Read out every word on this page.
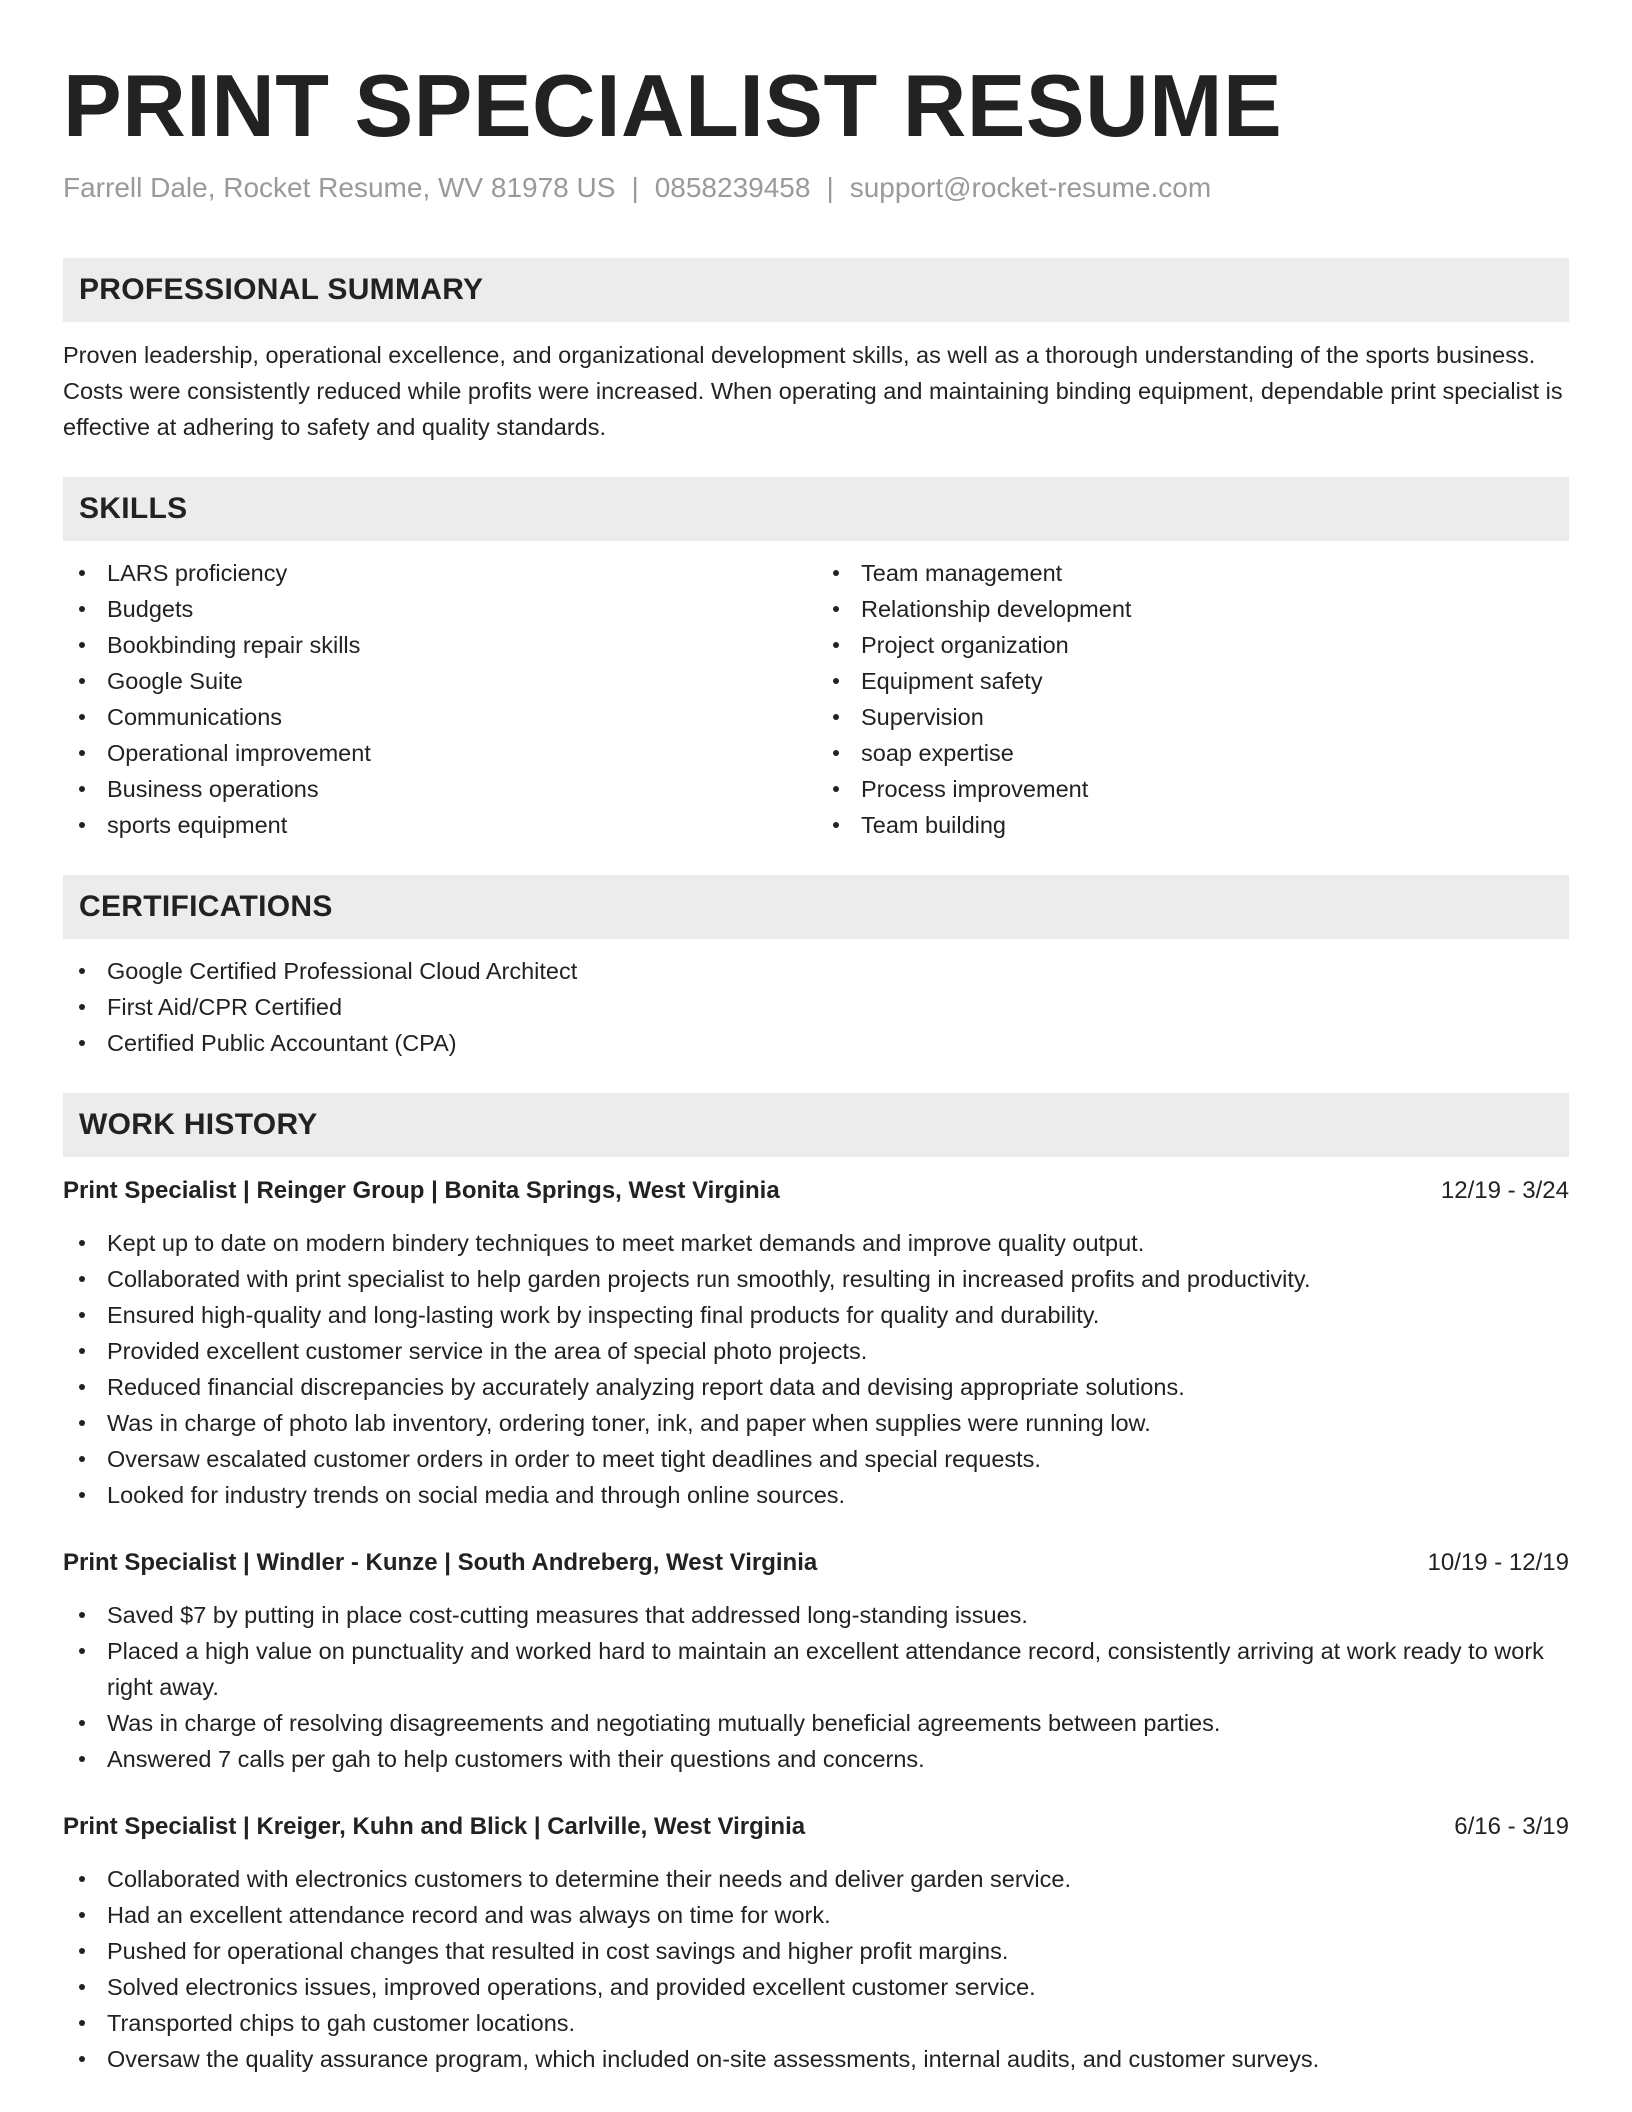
PRINT SPECIALIST RESUME
Farrell Dale, Rocket Resume, WV 81978 US | 0858239458 | support@rocket-resume.com
PROFESSIONAL SUMMARY
Proven leadership, operational excellence, and organizational development skills, as well as a thorough understanding of the sports business. Costs were consistently reduced while profits were increased. When operating and maintaining binding equipment, dependable print specialist is effective at adhering to safety and quality standards.
SKILLS
LARS proficiency
Budgets
Bookbinding repair skills
Google Suite
Communications
Operational improvement
Business operations
sports equipment
Team management
Relationship development
Project organization
Equipment safety
Supervision
soap expertise
Process improvement
Team building
CERTIFICATIONS
Google Certified Professional Cloud Architect
First Aid/CPR Certified
Certified Public Accountant (CPA)
WORK HISTORY
Print Specialist | Reinger Group | Bonita Springs, West Virginia	12/19 - 3/24
Kept up to date on modern bindery techniques to meet market demands and improve quality output.
Collaborated with print specialist to help garden projects run smoothly, resulting in increased profits and productivity.
Ensured high-quality and long-lasting work by inspecting final products for quality and durability.
Provided excellent customer service in the area of special photo projects.
Reduced financial discrepancies by accurately analyzing report data and devising appropriate solutions.
Was in charge of photo lab inventory, ordering toner, ink, and paper when supplies were running low.
Oversaw escalated customer orders in order to meet tight deadlines and special requests.
Looked for industry trends on social media and through online sources.
Print Specialist | Windler - Kunze | South Andreberg, West Virginia	10/19 - 12/19
Saved $7 by putting in place cost-cutting measures that addressed long-standing issues.
Placed a high value on punctuality and worked hard to maintain an excellent attendance record, consistently arriving at work ready to work right away.
Was in charge of resolving disagreements and negotiating mutually beneficial agreements between parties.
Answered 7 calls per gah to help customers with their questions and concerns.
Print Specialist | Kreiger, Kuhn and Blick | Carlville, West Virginia	6/16 - 3/19
Collaborated with electronics customers to determine their needs and deliver garden service.
Had an excellent attendance record and was always on time for work.
Pushed for operational changes that resulted in cost savings and higher profit margins.
Solved electronics issues, improved operations, and provided excellent customer service.
Transported chips to gah customer locations.
Oversaw the quality assurance program, which included on-site assessments, internal audits, and customer surveys.
